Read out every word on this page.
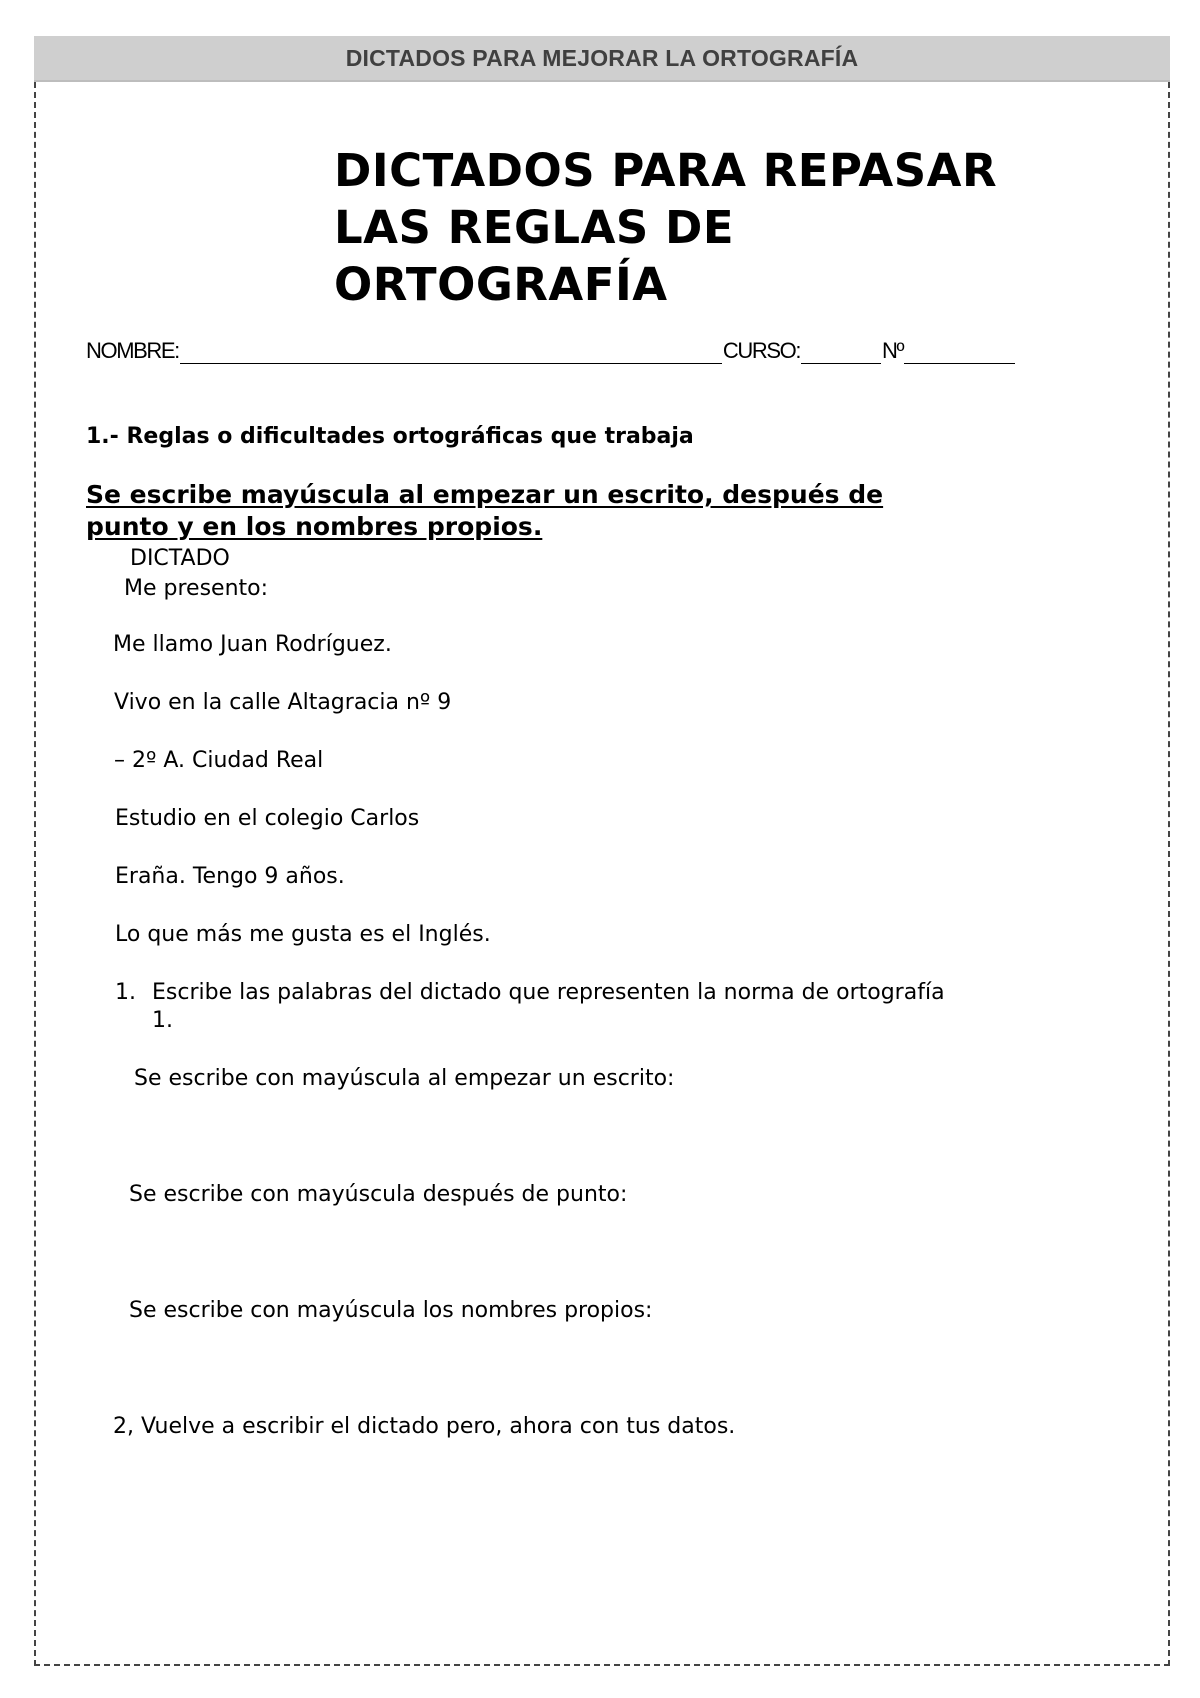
DICTADOS PARA MEJORAR LA ORTOGRAFÍA
DICTADOS PARA REPASAR
LAS REGLAS DE
ORTOGRAFÍA
NOMBRE:	CURSO:	Nº
1.- Reglas o dificultades ortográficas que trabaja
Se escribe mayúscula al empezar un escrito, después de
punto y en los nombres propios.
DICTADO
Me presento:
Me llamo Juan Rodríguez.
Vivo en la calle Altagracia nº 9
– 2º A. Ciudad Real
Estudio en el colegio Carlos
Eraña. Tengo 9 años.
Lo que más me gusta es el Inglés.
1. Escribe las palabras del dictado que representen la norma de ortografía
1.
Se escribe con mayúscula al empezar un escrito:
Se escribe con mayúscula después de punto:
Se escribe con mayúscula los nombres propios:
2, Vuelve a escribir el dictado pero, ahora con tus datos.
